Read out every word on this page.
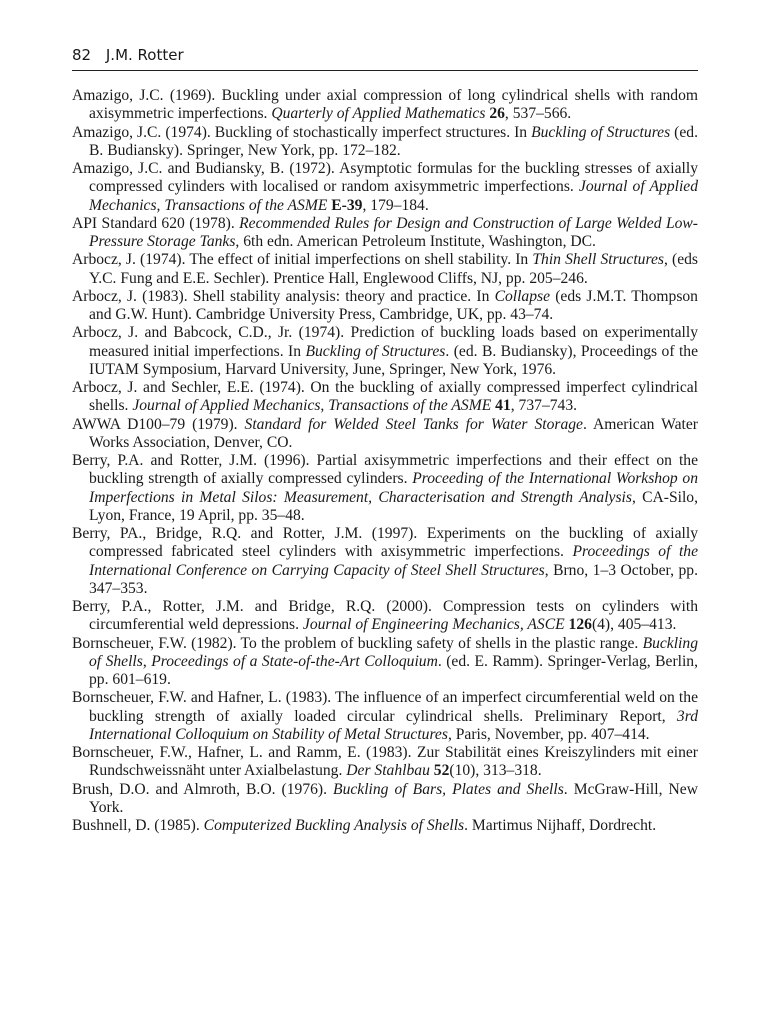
82 J.M. Rotter

Amazigo, J.C. (1969). Buckling under axial compression of long cylindrical shells with random axisymmetric imperfections. Quarterly of Applied Mathematics 26, 537–566.

Amazigo, J.C. (1974). Buckling of stochastically imperfect structures. In Buckling of Structures (ed. B. Budiansky). Springer, New York, pp. 172–182.

Amazigo, J.C. and Budiansky, B. (1972). Asymptotic formulas for the buckling stresses of axially compressed cylinders with localised or random axisymmetric imperfections. Journal of Applied Mechanics, Transactions of the ASME E-39, 179–184.

API Standard 620 (1978). Recommended Rules for Design and Construction of Large Welded Low-Pressure Storage Tanks, 6th edn. American Petroleum Institute, Washington, DC.

Arbocz, J. (1974). The effect of initial imperfections on shell stability. In Thin Shell Structures, (eds Y.C. Fung and E.E. Sechler). Prentice Hall, Englewood Cliffs, NJ, pp. 205–246.

Arbocz, J. (1983). Shell stability analysis: theory and practice. In Collapse (eds J.M.T. Thompson and G.W. Hunt). Cambridge University Press, Cambridge, UK, pp. 43–74.

Arbocz, J. and Babcock, C.D., Jr. (1974). Prediction of buckling loads based on experimentally measured initial imperfections. In Buckling of Structures. (ed. B. Budiansky), Proceedings of the IUTAM Symposium, Harvard University, June, Springer, New York, 1976.

Arbocz, J. and Sechler, E.E. (1974). On the buckling of axially compressed imperfect cylindrical shells. Journal of Applied Mechanics, Transactions of the ASME 41, 737–743.

AWWA D100–79 (1979). Standard for Welded Steel Tanks for Water Storage. American Water Works Association, Denver, CO.

Berry, P.A. and Rotter, J.M. (1996). Partial axisymmetric imperfections and their effect on the buckling strength of axially compressed cylinders. Proceeding of the International Workshop on Imperfections in Metal Silos: Measurement, Characterisation and Strength Analysis, CA-Silo, Lyon, France, 19 April, pp. 35–48.

Berry, PA., Bridge, R.Q. and Rotter, J.M. (1997). Experiments on the buckling of axially compressed fabricated steel cylinders with axisymmetric imperfections. Proceedings of the International Conference on Carrying Capacity of Steel Shell Structures, Brno, 1–3 October, pp. 347–353.

Berry, P.A., Rotter, J.M. and Bridge, R.Q. (2000). Compression tests on cylinders with circumferential weld depressions. Journal of Engineering Mechanics, ASCE 126(4), 405–413.

Bornscheuer, F.W. (1982). To the problem of buckling safety of shells in the plastic range. Buckling of Shells, Proceedings of a State-of-the-Art Colloquium. (ed. E. Ramm). Springer-Verlag, Berlin, pp. 601–619.

Bornscheuer, F.W. and Hafner, L. (1983). The influence of an imperfect circumferential weld on the buckling strength of axially loaded circular cylindrical shells. Preliminary Report, 3rd International Colloquium on Stability of Metal Structures, Paris, November, pp. 407–414.

Bornscheuer, F.W., Hafner, L. and Ramm, E. (1983). Zur Stabilität eines Kreiszylinders mit einer Rundschweissnäht unter Axialbelastung. Der Stahlbau 52(10), 313–318.

Brush, D.O. and Almroth, B.O. (1976). Buckling of Bars, Plates and Shells. McGraw-Hill, New York.

Bushnell, D. (1985). Computerized Buckling Analysis of Shells. Martimus Nijhaff, Dordrecht.
